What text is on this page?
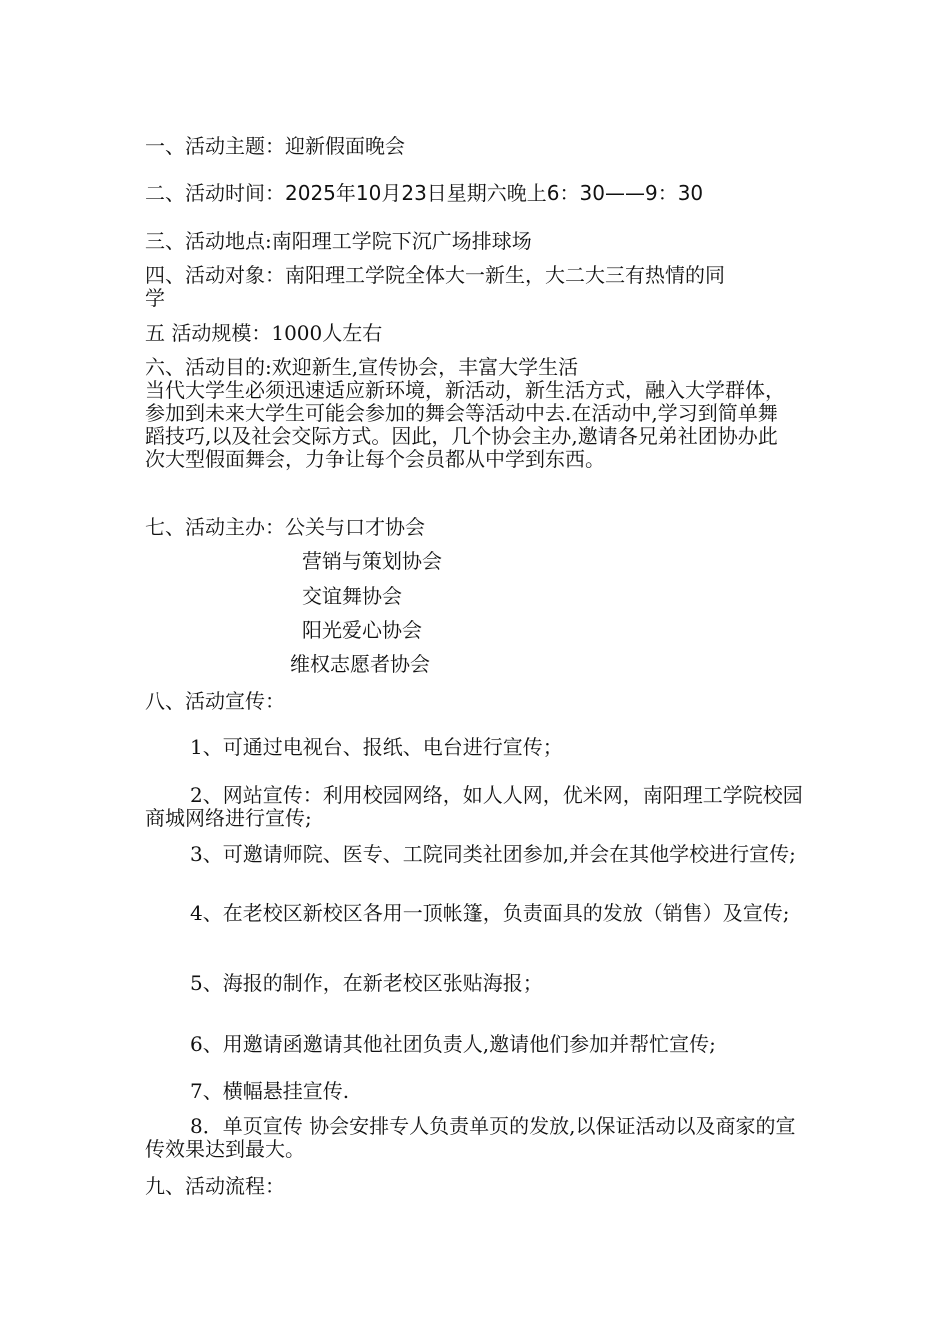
一、活动主题：迎新假面晚会
二、活动时间：2025年10月23日星期六晚上6：30——9：30
三、活动地点:南阳理工学院下沉广场排球场
四、活动对象：南阳理工学院全体大一新生，大二大三有热情的同
学
五 活动规模：1000人左右
六、活动目的:欢迎新生,宣传协会，丰富大学生活
当代大学生必须迅速适应新环境，新活动，新生活方式，融入大学群体，参加到未来大学生可能会参加的舞会等活动中去.在活动中,学习到简单舞蹈技巧,以及社会交际方式。因此，几个协会主办,邀请各兄弟社团协办此次大型假面舞会，力争让每个会员都从中学到东西。
七、活动主办：公关与口才协会
营销与策划协会
交谊舞协会
阳光爱心协会
维权志愿者协会
八、活动宣传：
1、可通过电视台、报纸、电台进行宣传；
2、网站宣传：利用校园网络，如人人网，优米网，南阳理工学院校园商城网络进行宣传;
3、可邀请师院、医专、工院同类社团参加,并会在其他学校进行宣传;
4、在老校区新校区各用一顶帐篷，负责面具的发放（销售）及宣传;
5、海报的制作，在新老校区张贴海报；
6、用邀请函邀请其他社团负责人,邀请他们参加并帮忙宣传;
7、横幅悬挂宣传.
8．单页宣传 协会安排专人负责单页的发放,以保证活动以及商家的宣传效果达到最大。
九、活动流程：
